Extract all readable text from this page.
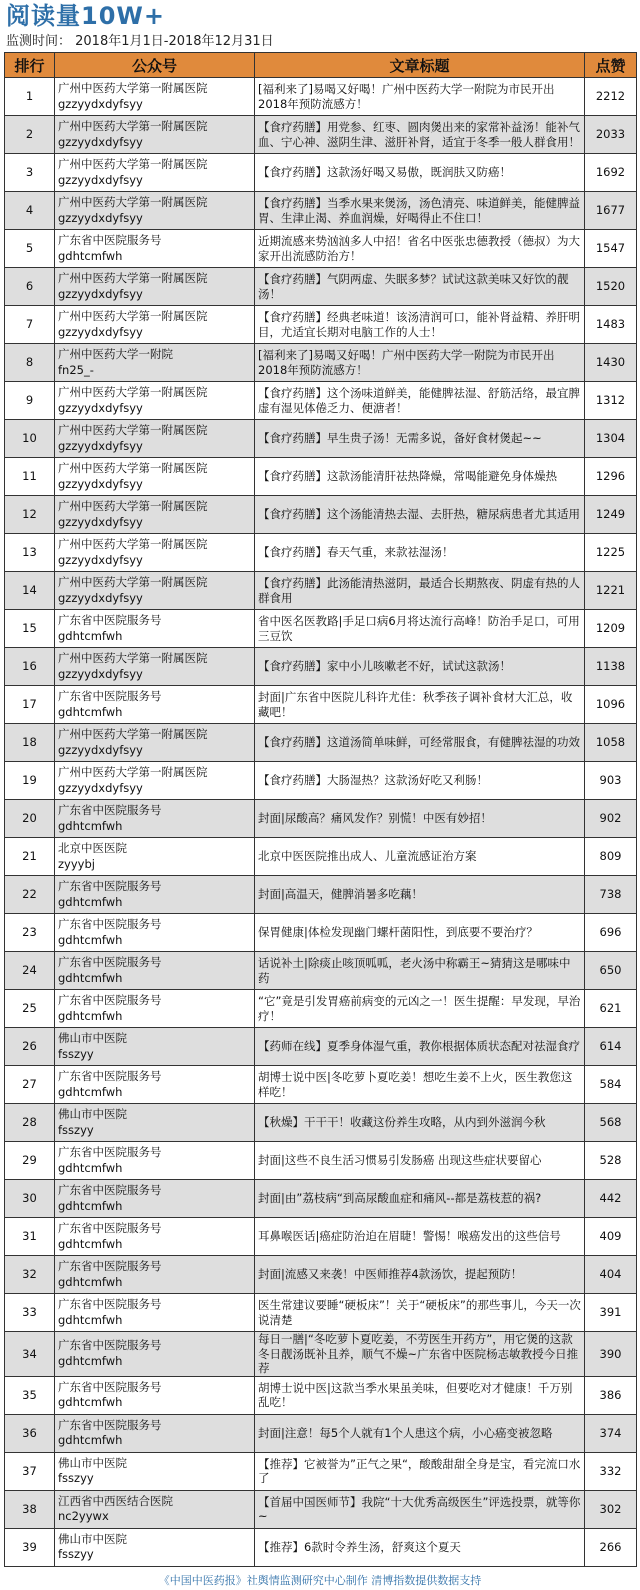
阅读量10W+
监测时间： 2018年1月1日-2018年12月31日
排行	公众号	文章标题	点赞
1	广州中医药大学第一附属医院
gzzyydxdyfsyy	[福利来了]易喝又好喝！广州中医药大学一附院为市民开出2018年预防流感方！	2212
2	广州中医药大学第一附属医院
gzzyydxdyfsyy	【食疗药膳】用党参、红枣、圆肉煲出来的家常补益汤！能补气血、宁心神、滋阴生津、滋肝补肾，适宜于冬季一般人群食用！	2033
3	广州中医药大学第一附属医院
gzzyydxdyfsyy	【食疗药膳】这款汤好喝又易傲，既润肤又防癌！	1692
4	广州中医药大学第一附属医院
gzzyydxdyfsyy	【食疗药膳】当季水果来煲汤，汤色清亮、味道鲜美，能健脾益胃、生津止渴、养血润燥，好喝得止不住口！	1677
5	广东省中医院服务号
gdhtcmfwh	近期流感来势汹汹多人中招！省名中医张忠德教授（德叔）为大家开出流感防治方！	1547
6	广州中医药大学第一附属医院
gzzyydxdyfsyy	【食疗药膳】气阴两虚、失眠多梦？试试这款美味又好饮的靓汤！	1520
7	广州中医药大学第一附属医院
gzzyydxdyfsyy	【食疗药膳】经典老味道！该汤清润可口，能补肾益精、养肝明目，尤适宜长期对电脑工作的人士！	1483
8	广州中医药大学一附院
fn25_-	[福利来了]易喝又好喝！广州中医药大学一附院为市民开出2018年预防流感方！	1430
9	广州中医药大学第一附属医院
gzzyydxdyfsyy	【食疗药膳】这个汤味道鲜美，能健脾祛湿、舒筋活络，最宜脾虚有湿见体倦乏力、便溏者！	1312
10	广州中医药大学第一附属医院
gzzyydxdyfsyy	【食疗药膳】早生贵子汤！无需多说，备好食材煲起~~	1304
11	广州中医药大学第一附属医院
gzzyydxdyfsyy	【食疗药膳】这款汤能清肝祛热降燥，常喝能避免身体燥热	1296
12	广州中医药大学第一附属医院
gzzyydxdyfsyy	【食疗药膳】这个汤能清热去湿、去肝热，糖尿病患者尤其适用	1249
13	广州中医药大学第一附属医院
gzzyydxdyfsyy	【食疗药膳】春天气重，来款祛湿汤！	1225
14	广州中医药大学第一附属医院
gzzyydxdyfsyy	【食疗药膳】此汤能清热滋阴，最适合长期熬夜、阴虚有热的人群食用	1221
15	广东省中医院服务号
gdhtcmfwh	省中医名医教路|手足口病6月将达流行高峰！防治手足口，可用三豆饮	1209
16	广州中医药大学第一附属医院
gzzyydxdyfsyy	【食疗药膳】家中小儿咳嗽老不好，试试这款汤！	1138
17	广东省中医院服务号
gdhtcmfwh	封面|广东省中医院儿科许尤佳：秋季孩子调补食材大汇总，收藏吧！	1096
18	广州中医药大学第一附属医院
gzzyydxdyfsyy	【食疗药膳】这道汤简单味鲜，可经常服食，有健脾祛湿的功效	1058
19	广州中医药大学第一附属医院
gzzyydxdyfsyy	【食疗药膳】大肠湿热？这款汤好吃又利肠！	903
20	广东省中医院服务号
gdhtcmfwh	封面|尿酸高？痛风发作？别慌！中医有妙招！	902
21	北京中医医院
zyyybj	北京中医医院推出成人、儿童流感证治方案	809
22	广东省中医院服务号
gdhtcmfwh	封面|高温天，健脾消暑多吃藕！	738
23	广东省中医院服务号
gdhtcmfwh	保胃健康|体检发现幽门螺杆菌阳性，到底要不要治疗？	696
24	广东省中医院服务号
gdhtcmfwh	话说补土|除痰止咳顶呱呱，老火汤中称霸王~猜猜这是哪味中药	650
25	广东省中医院服务号
gdhtcmfwh	“它”竟是引发胃癌前病变的元凶之一！医生提醒：早发现，早治疗！	621
26	佛山市中医院
fsszyy	【药师在线】夏季身体湿气重，教你根据体质状态配对祛湿食疗	614
27	广东省中医院服务号
gdhtcmfwh	胡博士说中医|冬吃萝卜夏吃姜！想吃生姜不上火，医生教您这样吃！	584
28	佛山市中医院
fsszyy	【秋燥】干干干！收藏这份养生攻略，从内到外滋润今秋	568
29	广东省中医院服务号
gdhtcmfwh	封面|这些不良生活习惯易引发肠癌 出现这些症状要留心	528
30	广东省中医院服务号
gdhtcmfwh	封面|由”荔枝病“到高尿酸血症和痛风--都是荔枝惹的祸?	442
31	广东省中医院服务号
gdhtcmfwh	耳鼻喉医话|癌症防治迫在眉睫！警惕！喉癌发出的这些信号	409
32	广东省中医院服务号
gdhtcmfwh	封面|流感又来袭！中医师推荐4款汤饮，提起预防！	404
33	广东省中医院服务号
gdhtcmfwh	医生常建议要睡“硬板床”！关于“硬板床”的那些事儿，今天一次说清楚	391
34	广东省中医院服务号
gdhtcmfwh	每日一膳|“冬吃萝卜夏吃姜，不劳医生开药方”，用它煲的这款冬日靓汤既补且养，顺气不燥~广东省中医院杨志敏教授今日推荐	390
35	广东省中医院服务号
gdhtcmfwh	胡博士说中医|这款当季水果虽美味，但要吃对才健康！千万别乱吃！	386
36	广东省中医院服务号
gdhtcmfwh	封面|注意！每5个人就有1个人患这个病，小心癌变被忽略	374
37	佛山市中医院
fsszyy	【推荐】它被誉为”正气之果“，酸酸甜甜全身是宝，看完流口水了	332
38	江西省中西医结合医院
nc2yywx	【首届中国医师节】我院“十大优秀高级医生”评选投票，就等你~	302
39	佛山市中医院
fsszyy	【推荐】6款时令养生汤，舒爽这个夏天	266
《中国中医药报》社舆情监测研究中心制作 清博指数提供数据支持
